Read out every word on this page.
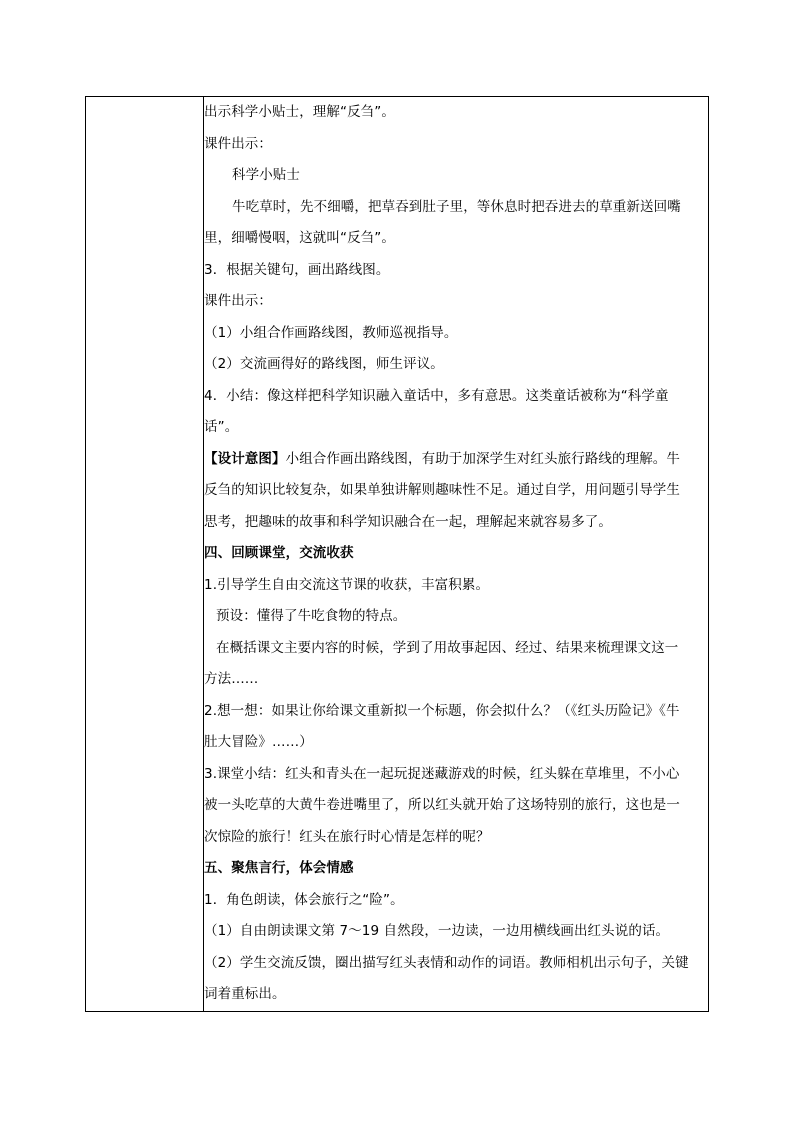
出示科学小贴士，理解“反刍”。
课件出示：
科学小贴士
牛吃草时，先不细嚼，把草吞到肚子里，等休息时把吞进去的草重新送回嘴
里，细嚼慢咽，这就叫“反刍”。
3．根据关键句，画出路线图。
课件出示：
（1）小组合作画路线图，教师巡视指导。
（2）交流画得好的路线图，师生评议。
4．小结：像这样把科学知识融入童话中，多有意思。这类童话被称为“科学童
话”。
【设计意图】小组合作画出路线图，有助于加深学生对红头旅行路线的理解。牛
反刍的知识比较复杂，如果单独讲解则趣味性不足。通过自学，用问题引导学生
思考，把趣味的故事和科学知识融合在一起，理解起来就容易多了。
四、回顾课堂，交流收获
1.引导学生自由交流这节课的收获，丰富积累。
预设：懂得了牛吃食物的特点。
在概括课文主要内容的时候，学到了用故事起因、经过、结果来梳理课文这一
方法……
2.想一想：如果让你给课文重新拟一个标题，你会拟什么？（《红头历险记》《牛
肚大冒险》……）
3.课堂小结：红头和青头在一起玩捉迷藏游戏的时候，红头躲在草堆里，不小心
被一头吃草的大黄牛卷进嘴里了，所以红头就开始了这场特别的旅行，这也是一
次惊险的旅行！红头在旅行时心情是怎样的呢？
五、聚焦言行，体会情感
1．角色朗读，体会旅行之“险”。
（1）自由朗读课文第 7～19 自然段，一边读，一边用横线画出红头说的话。
（2）学生交流反馈，圈出描写红头表情和动作的词语。教师相机出示句子，关键
词着重标出。
